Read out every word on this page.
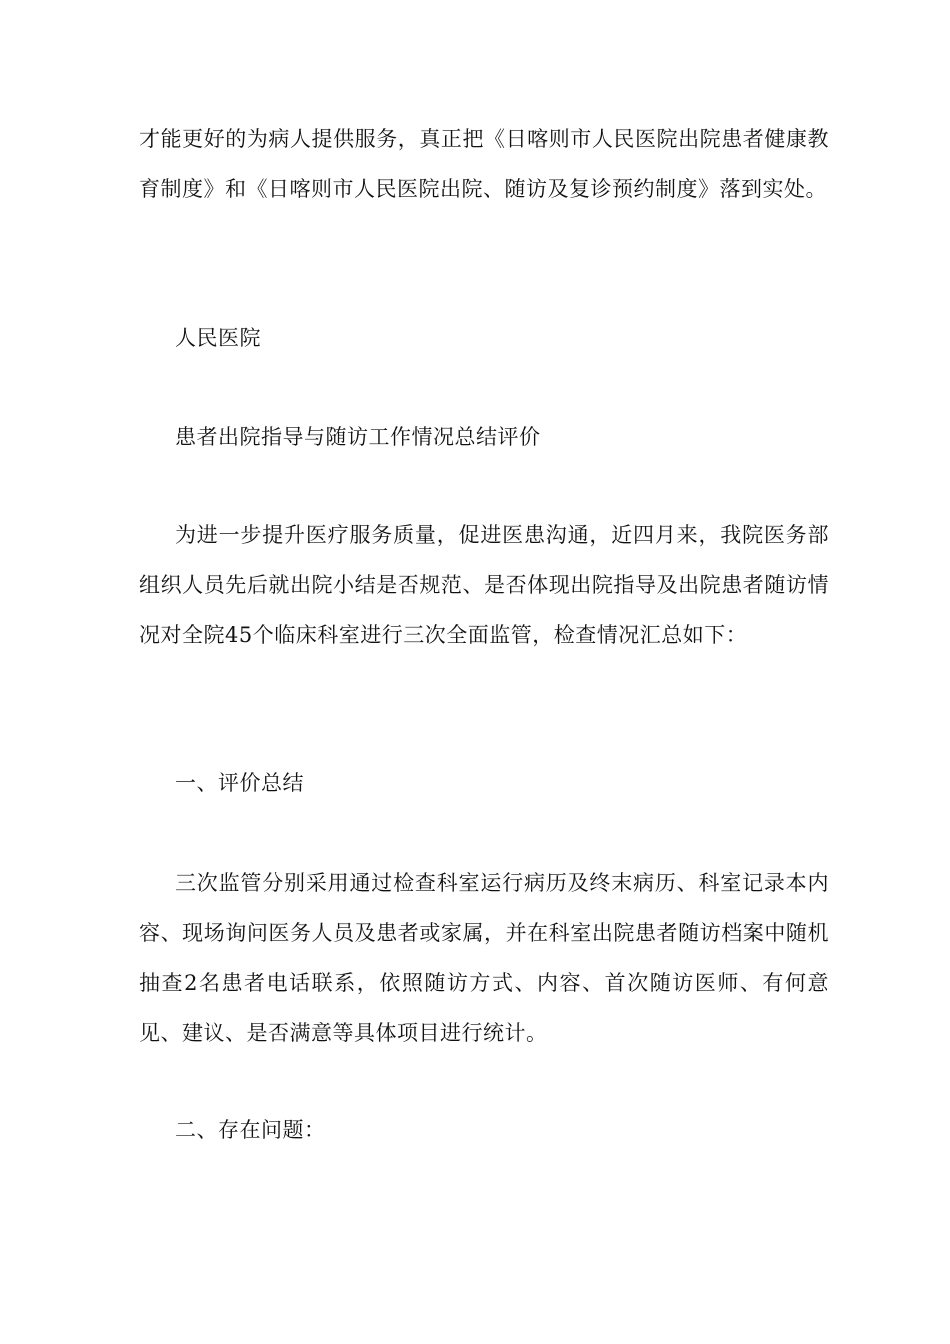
才能更好的为病人提供服务，真正把《日喀则市人民医院出院患者健康教育制度》和《日喀则市人民医院出院、随访及复诊预约制度》落到实处。

人民医院

患者出院指导与随访工作情况总结评价

为进一步提升医疗服务质量，促进医患沟通，近四月来，我院医务部组织人员先后就出院小结是否规范、是否体现出院指导及出院患者随访情况对全院45个临床科室进行三次全面监管，检查情况汇总如下：

一、评价总结

三次监管分别采用通过检查科室运行病历及终末病历、科室记录本内容、现场询问医务人员及患者或家属，并在科室出院患者随访档案中随机抽查2名患者电话联系，依照随访方式、内容、首次随访医师、有何意见、建议、是否满意等具体项目进行统计。

二、存在问题：
